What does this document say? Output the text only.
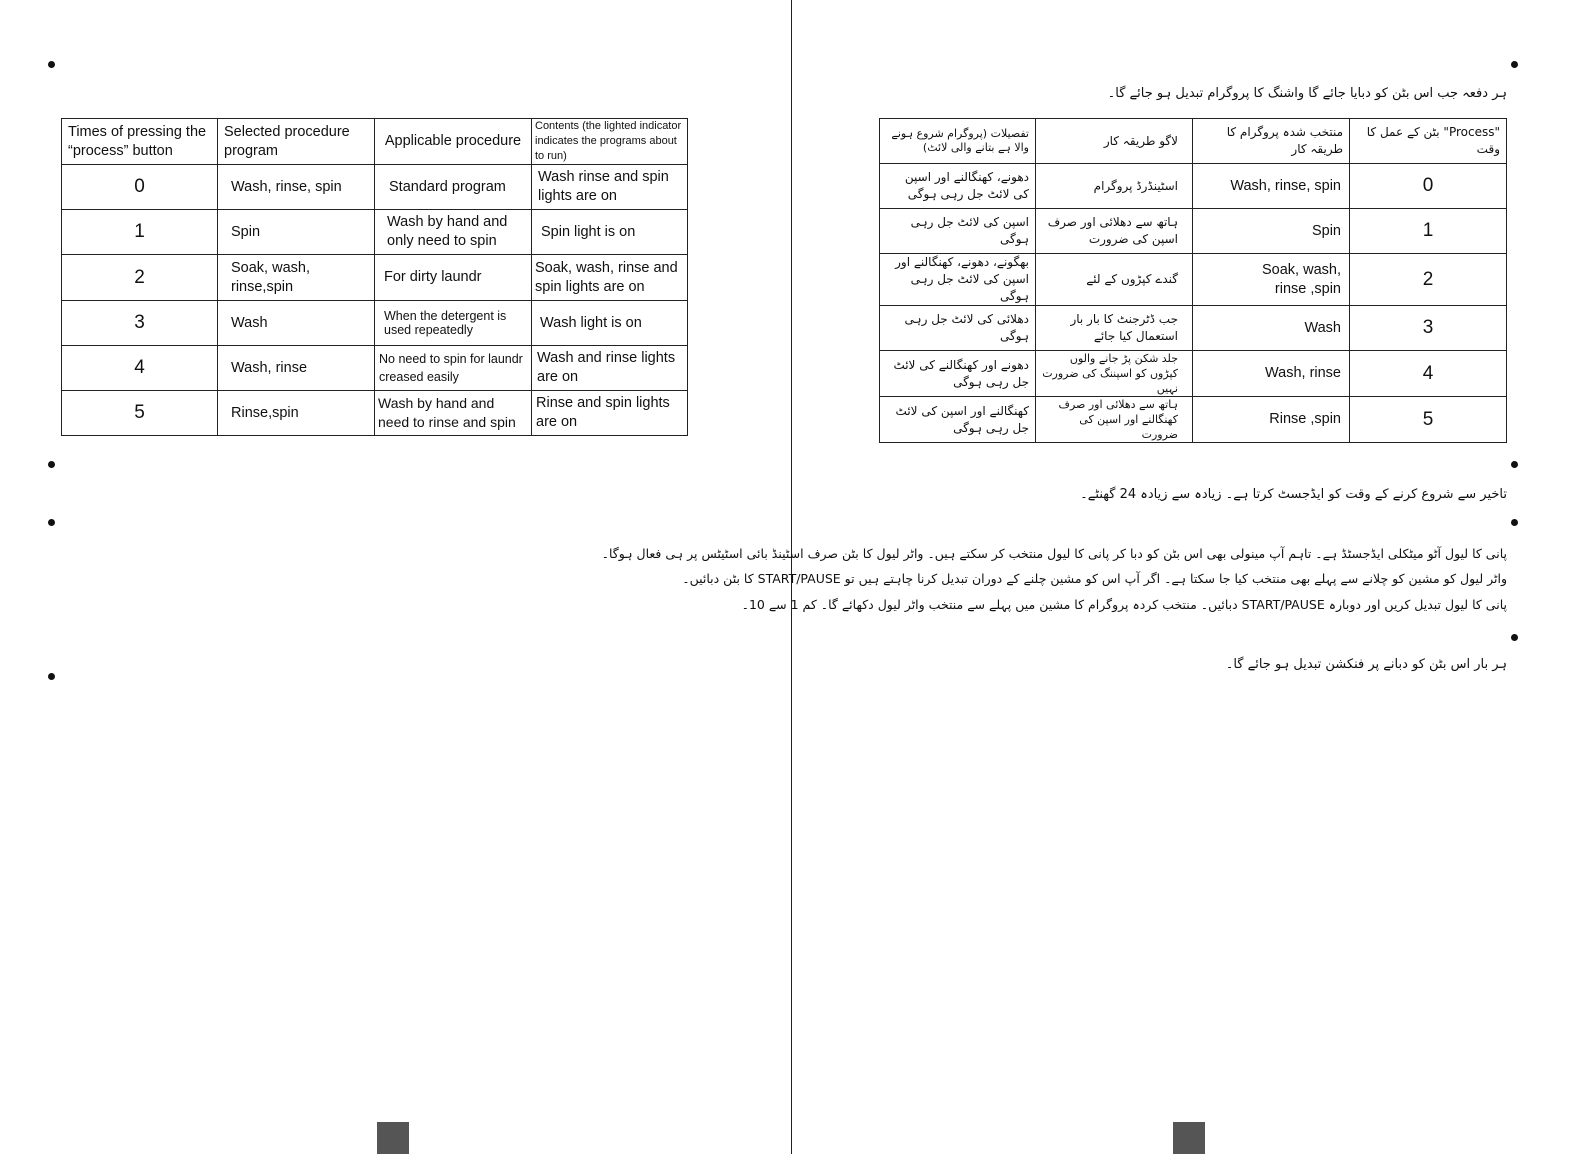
Times of pressing the “process” button	Selected procedure program	Applicable procedure	Contents (the lighted indicator indicates the programs about to run)

0	Wash, rinse, spin	Standard program	Wash rinse and spin lights are on

1	Spin	Wash by hand and only need to spin	Spin light is on

2	Soak, wash, rinse,spin	For dirty laundr	Soak, wash, rinse and spin lights are on

3	Wash	When the detergent is used repeatedly	Wash light is on

4	Wash, rinse	No need to spin for laundr   creased easily	Wash and rinse lights are on

5	Rinse,spin	Wash by hand and need to rinse and spin	Rinse and spin lights are on
ہر دفعہ جب اس بٹن کو دبایا جائے گا واشنگ کا پروگرام تبدیل ہو جائے گا۔
تفصیلات (پروگرام شروع ہونے والا ہے بتانے والی لائٹ)	لاگو طریقہ کار	منتخب شدہ پروگرام کا طریقہ کار	"Process" بٹن کے عمل کا وقت

دھونے، کھنگالنے اور اسپن کی لائٹ جل رہی ہوگی	اسٹینڈرڈ پروگرام	Wash, rinse, spin	0

اسپن کی لائٹ جل رہی ہوگی	ہاتھ سے دھلائی اور صرف اسپن کی ضرورت	Spin	1

بھگونے، دھونے، کھنگالنے اور اسپن کی لائٹ جل رہی ہوگی	گندے کپڑوں کے لئے	Soak, wash, rinse ,spin	2

دھلائی کی لائٹ جل رہی ہوگی	جب ڈٹرجنٹ کا بار بار استعمال کیا جائے	Wash	3

دھونے اور کھنگالنے کی لائٹ جل رہی ہوگی	جلد شکن پڑ جانے والوں کپڑوں کو اسپننگ کی ضرورت نہیں	Wash, rinse	4

کھنگالنے اور اسپن کی لائٹ جل رہی ہوگی	ہاتھ سے دھلائی اور صرف کھنگالنے اور اسپن کی ضرورت	Rinse ,spin	5
تاخیر سے شروع کرنے کے وقت کو ایڈجسٹ کرتا ہے۔ زیادہ سے زیادہ 24 گھنٹے۔
پانی کا لیول آٹو میٹکلی ایڈجسٹڈ ہے۔ تاہم آپ مینولی بھی اس بٹن کو دبا کر پانی کا لیول منتخب کر سکتے ہیں۔ واٹر لیول کا بٹن صرف اسٹینڈ بائی اسٹیٹس پر ہی فعال ہوگا۔
واٹر لیول کو مشین کو چلانے سے پہلے بھی منتخب کیا جا سکتا ہے۔ اگر آپ اس کو مشین چلنے کے دوران تبدیل کرنا چاہتے ہیں تو START/PAUSE کا بٹن دبائیں۔
پانی کا لیول تبدیل کریں اور دوبارہ START/PAUSE دبائیں۔ منتخب کردہ پروگرام کا مشین میں پہلے سے منتخب واٹر لیول دکھائے گا۔ کم 1 سے 10۔
ہر بار اس بٹن کو دبانے پر فنکشن تبدیل ہو جائے گا۔
